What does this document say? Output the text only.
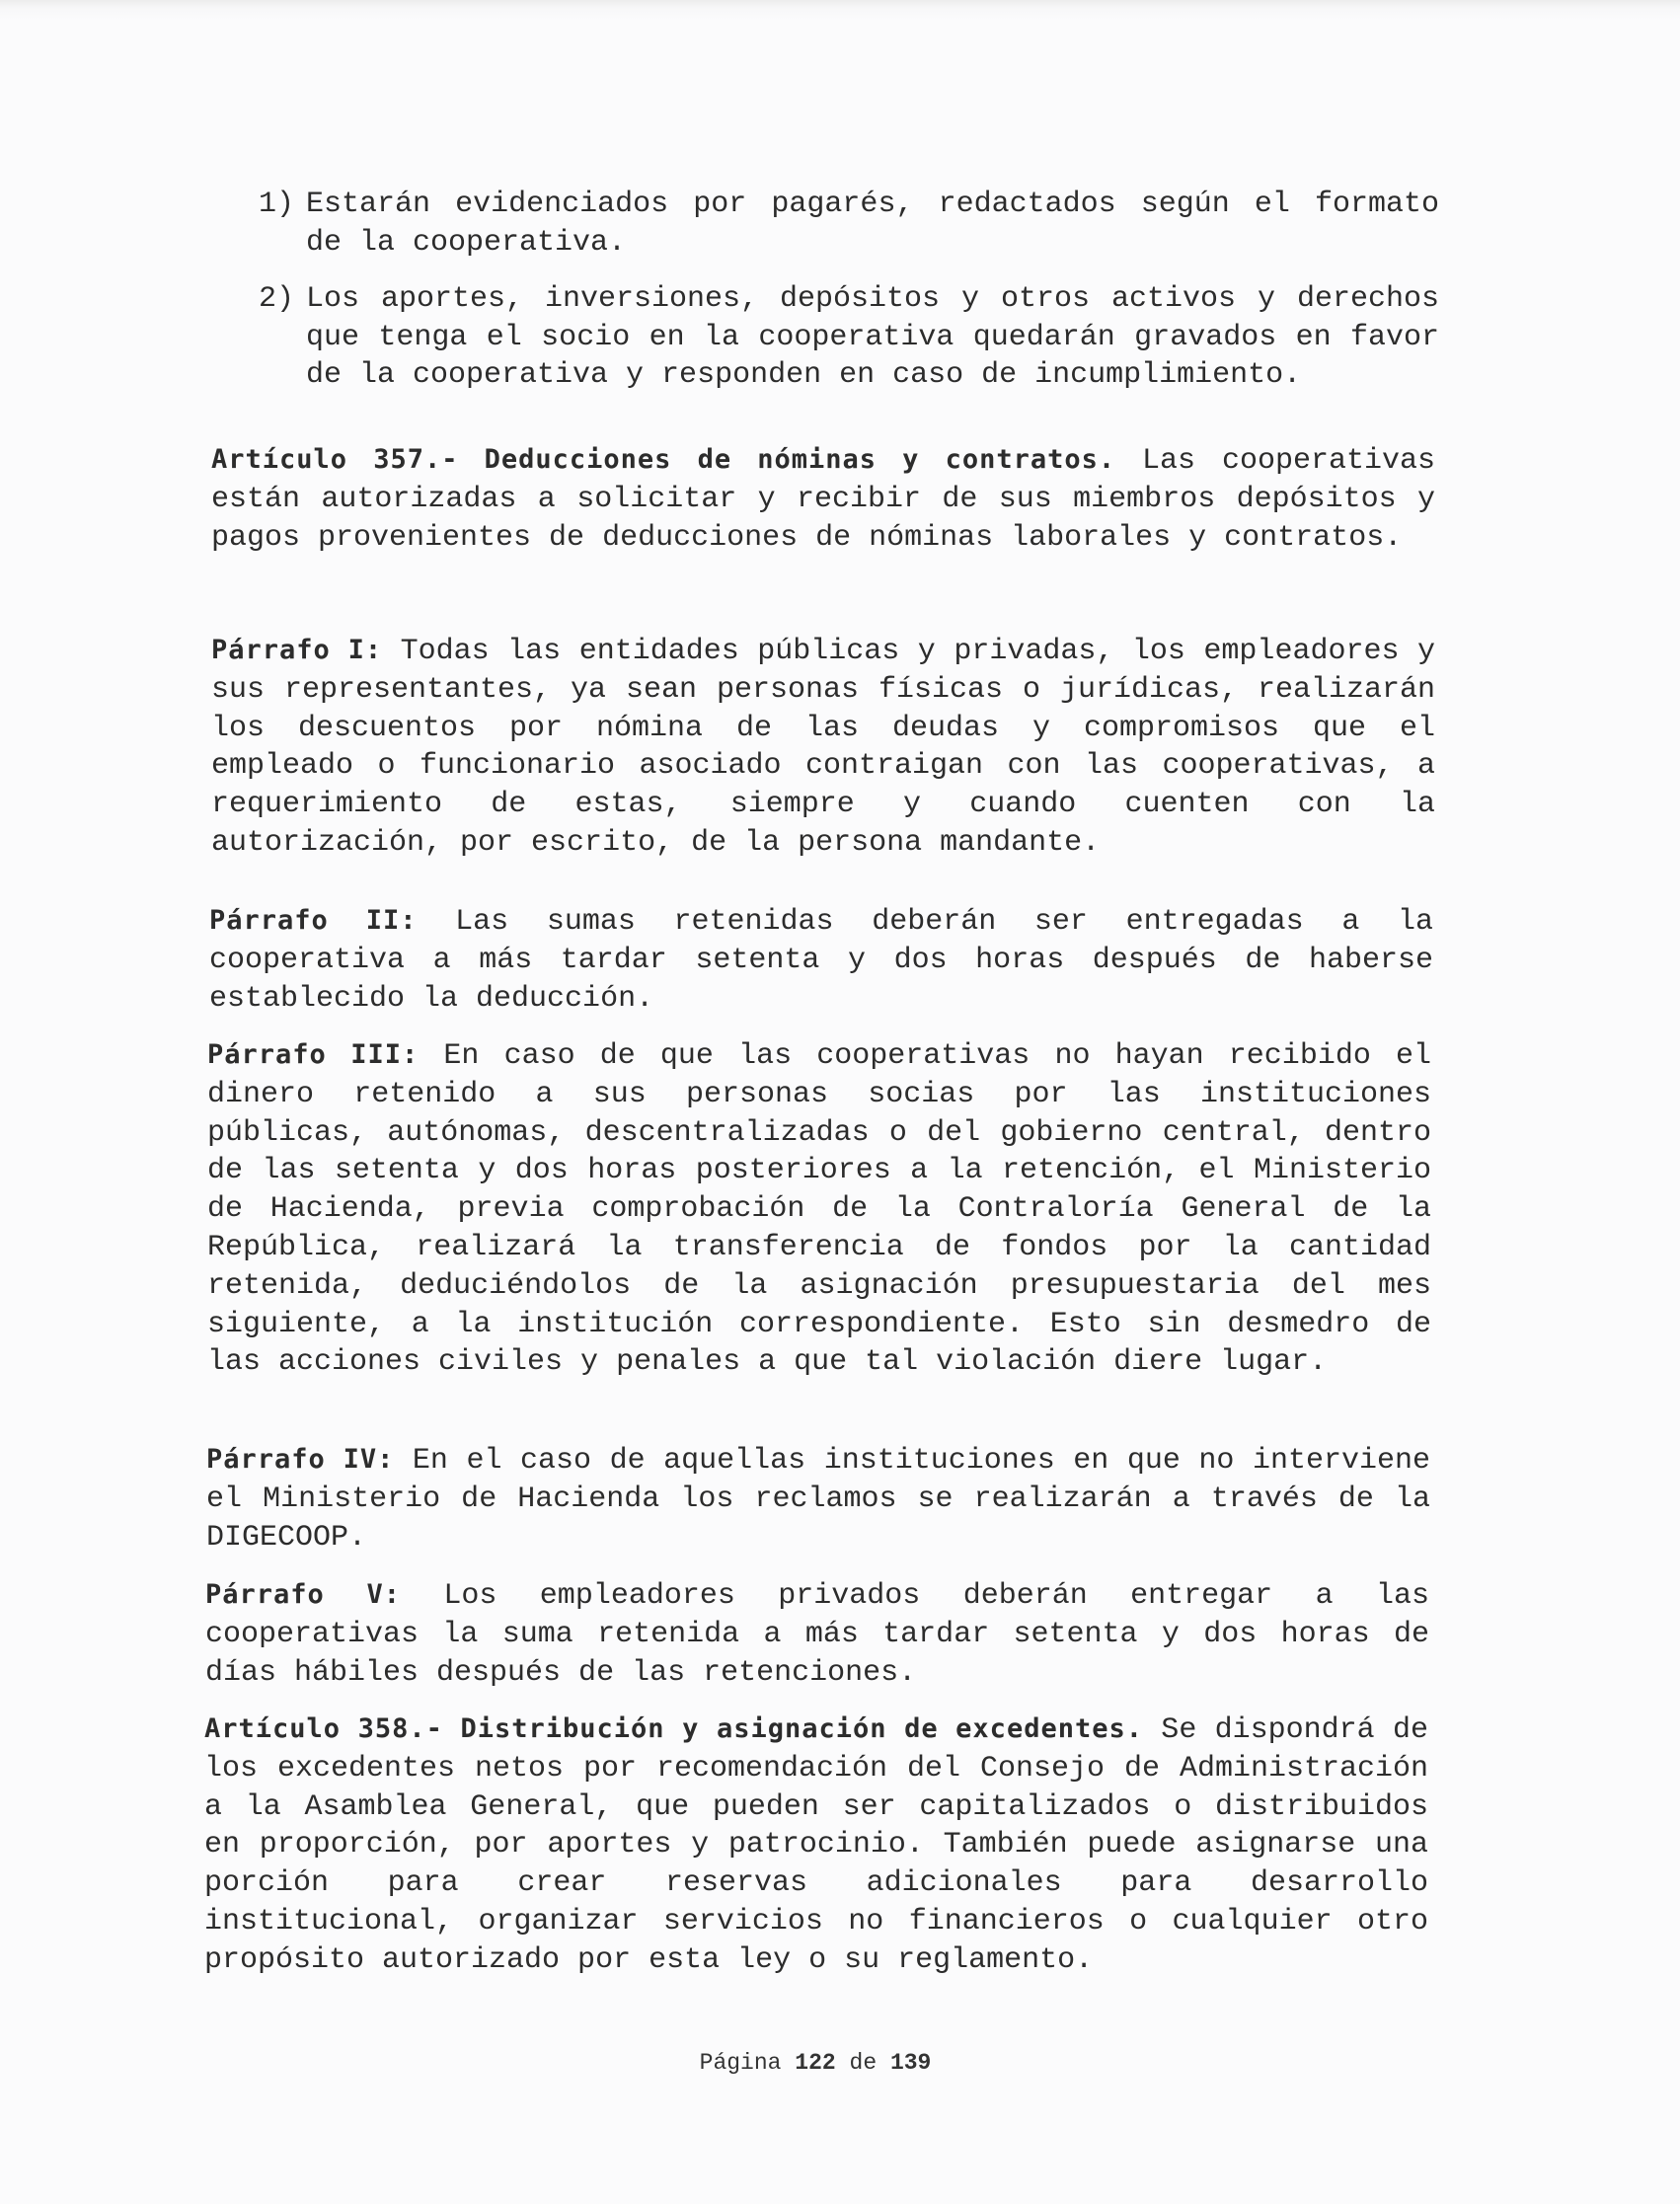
1) Estarán evidenciados por pagarés, redactados según el formato de la cooperativa.

2) Los aportes, inversiones, depósitos y otros activos y derechos que tenga el socio en la cooperativa quedarán gravados en favor de la cooperativa y responden en caso de incumplimiento.

Artículo 357.- Deducciones de nóminas y contratos. Las cooperativas están autorizadas a solicitar y recibir de sus miembros depósitos y pagos provenientes de deducciones de nóminas laborales y contratos.

Párrafo I: Todas las entidades públicas y privadas, los empleadores y sus representantes, ya sean personas físicas o jurídicas, realizarán los descuentos por nómina de las deudas y compromisos que el empleado o funcionario asociado contraigan con las cooperativas, a requerimiento de estas, siempre y cuando cuenten con la autorización, por escrito, de la persona mandante.

Párrafo II: Las sumas retenidas deberán ser entregadas a la cooperativa a más tardar setenta y dos horas después de haberse establecido la deducción.

Párrafo III: En caso de que las cooperativas no hayan recibido el dinero retenido a sus personas socias por las instituciones públicas, autónomas, descentralizadas o del gobierno central, dentro de las setenta y dos horas posteriores a la retención, el Ministerio de Hacienda, previa comprobación de la Contraloría General de la República, realizará la transferencia de fondos por la cantidad retenida, deduciéndolos de la asignación presupuestaria del mes siguiente, a la institución correspondiente. Esto sin desmedro de las acciones civiles y penales a que tal violación diere lugar.

Párrafo IV: En el caso de aquellas instituciones en que no interviene el Ministerio de Hacienda los reclamos se realizarán a través de la DIGECOOP.

Párrafo V: Los empleadores privados deberán entregar a las cooperativas la suma retenida a más tardar setenta y dos horas de días hábiles después de las retenciones.

Artículo 358.- Distribución y asignación de excedentes. Se dispondrá de los excedentes netos por recomendación del Consejo de Administración a la Asamblea General, que pueden ser capitalizados o distribuidos en proporción, por aportes y patrocinio. También puede asignarse una porción para crear reservas adicionales para desarrollo institucional, organizar servicios no financieros o cualquier otro propósito autorizado por esta ley o su reglamento.

Página 122 de 139
